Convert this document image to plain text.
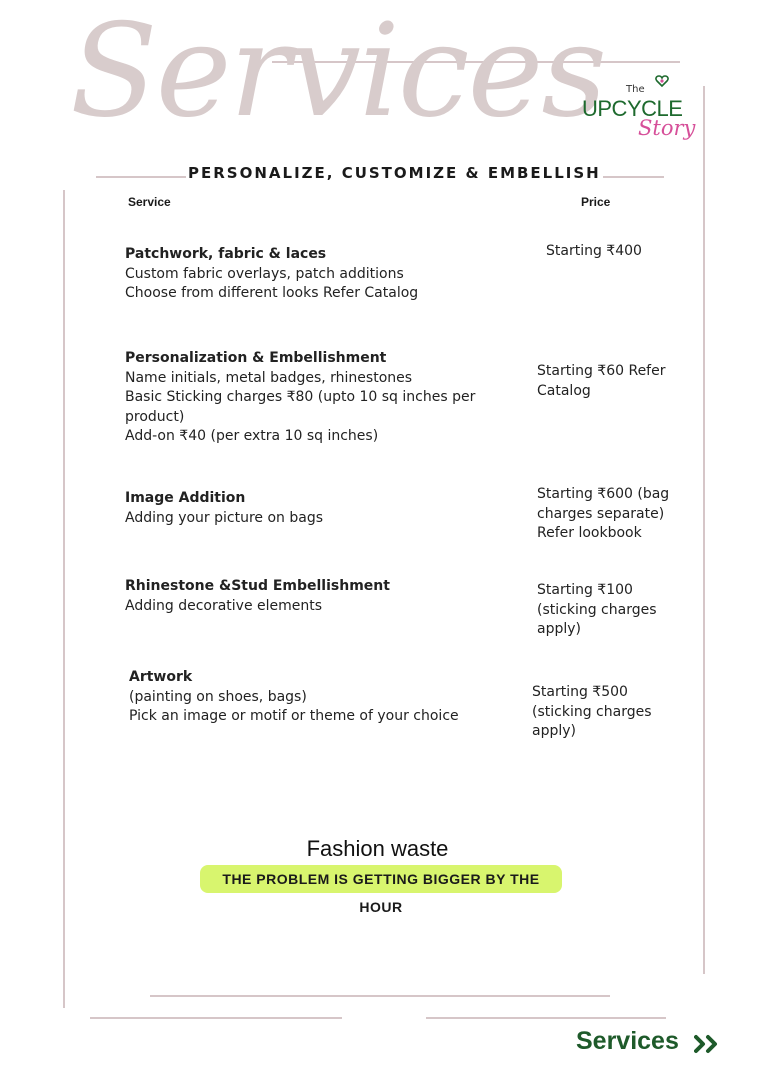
Services The
UPCYCLE
Story
PERSONALIZE, CUSTOMIZE & EMBELLISH
Service	Price
Patchwork, fabric & laces
Custom fabric overlays, patch additions
Choose from different looks Refer Catalog
Starting ₹400
Personalization & Embellishment
Name initials, metal badges, rhinestones
Basic Sticking charges ₹80 (upto 10 sq inches per
product)
Add-on ₹40 (per extra 10 sq inches)
Starting ₹60 Refer
Catalog
Image Addition
Adding your picture on bags
Starting ₹600 (bag
charges separate)
Refer lookbook
Rhinestone &Stud Embellishment
Adding decorative elements
Starting ₹100
(sticking charges
apply)
Artwork
(painting on shoes, bags)
Pick an image or motif or theme of your choice
Starting ₹500
(sticking charges
apply)
Fashion waste
THE PROBLEM IS GETTING BIGGER BY THE HOUR
Services
